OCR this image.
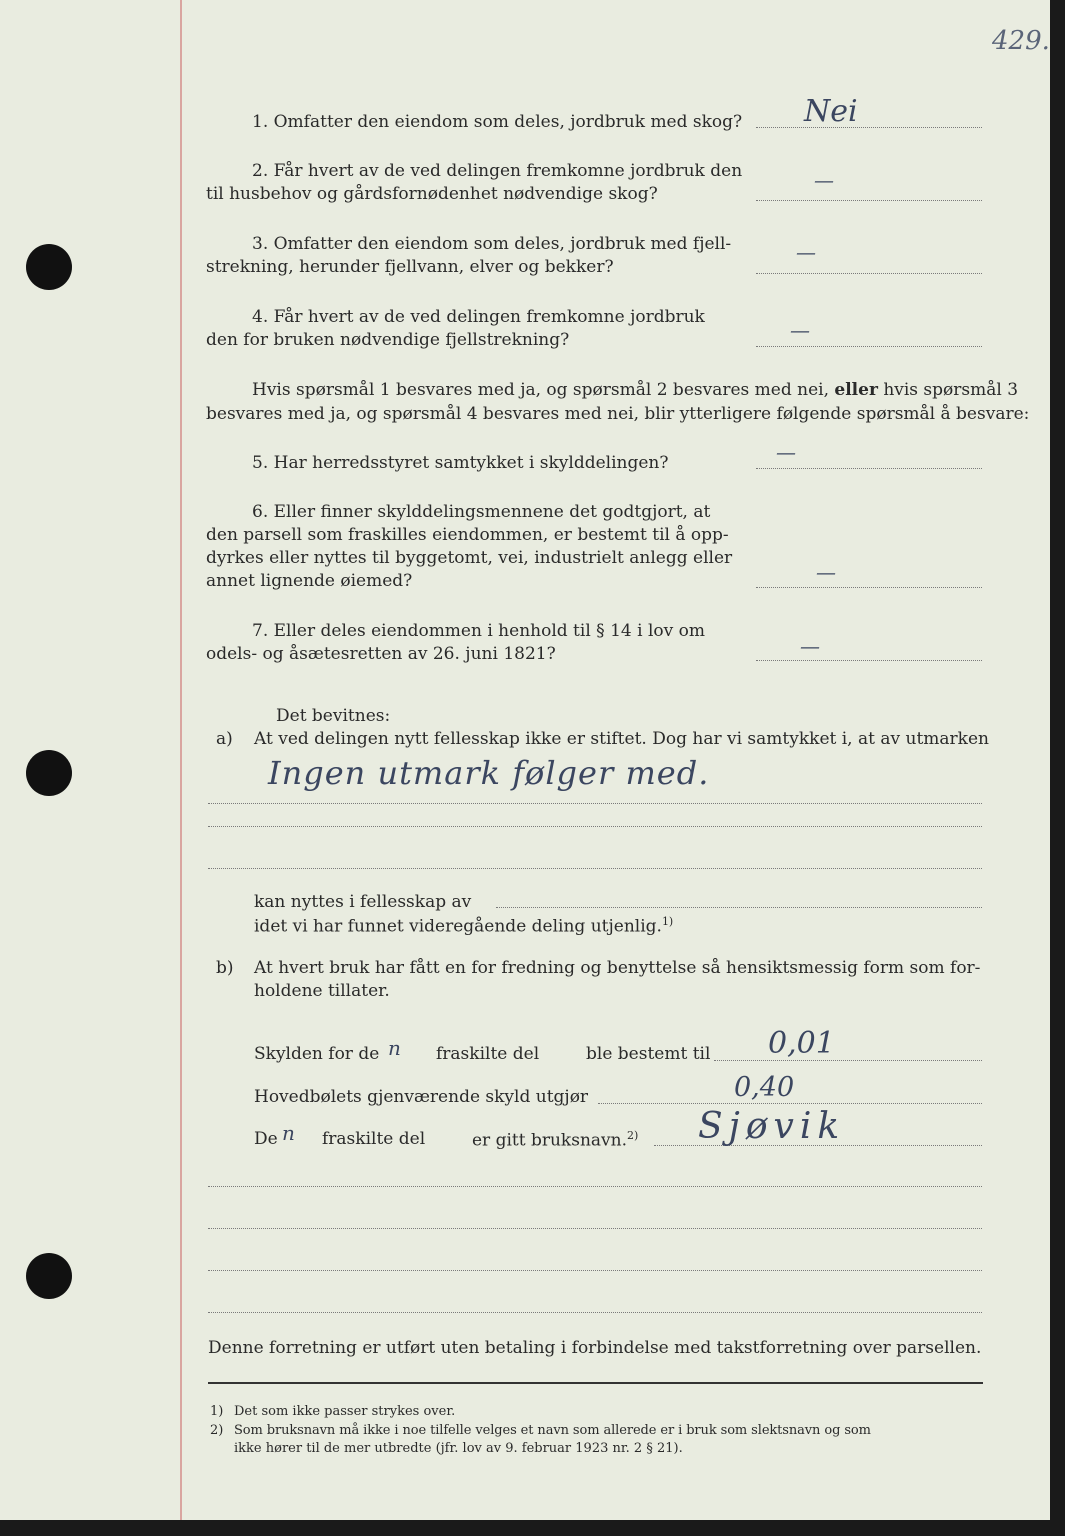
429.
1. Omfatter den eiendom som deles, jordbruk med skog? Nei
2. Får hvert av de ved delingen fremkomne jordbruk den
til husbehov og gårdsfornødenhet nødvendige skog?
—
3. Omfatter den eiendom som deles, jordbruk med fjell-
strekning, herunder fjellvann, elver og bekker?
—
4. Får hvert av de ved delingen fremkomne jordbruk
den for bruken nødvendige fjellstrekning?	—
Hvis spørsmål 1 besvares med ja, og spørsmål 2 besvares med nei, eller hvis spørsmål 3
besvares med ja, og spørsmål 4 besvares med nei, blir ytterligere følgende spørsmål å besvare:
5. Har herredsstyret samtykket i skylddelingen?	—
6. Eller finner skylddelingsmennene det godtgjort, at
den parsell som fraskilles eiendommen, er bestemt til å opp-
dyrkes eller nyttes til byggetomt, vei, industrielt anlegg eller
annet lignende øiemed?	—
7. Eller deles eiendommen i henhold til § 14 i lov om
odels- og åsætesretten av 26. juni 1821?	—
Det bevitnes:
a) At ved delingen nytt fellesskap ikke er stiftet. Dog har vi samtykket i, at av utmarken
Ingen utmark følger med.
kan nyttes i fellesskap av
idet vi har funnet videregående deling utjenlig.$^{1)}$
b) At hvert bruk har fått en for fredning og benyttelse så hensiktsmessig form som for-
holdene tillater.
Skylden for de n fraskilte del	ble bestemt til 0,01
Hovedbølets gjenværende skyld utgjør	0,40
De n fraskilte del	er gitt bruksnavn.$^{2)}$ Sjøvik
Denne forretning er utført uten betaling i forbindelse med takstforretning over parsellen.
1) Det som ikke passer strykes over.
2) Som bruksnavn må ikke i noe tilfelle velges et navn som allerede er i bruk som slektsnavn og som
ikke hører til de mer utbredte (jfr. lov av 9. februar 1923 nr. 2 § 21).
